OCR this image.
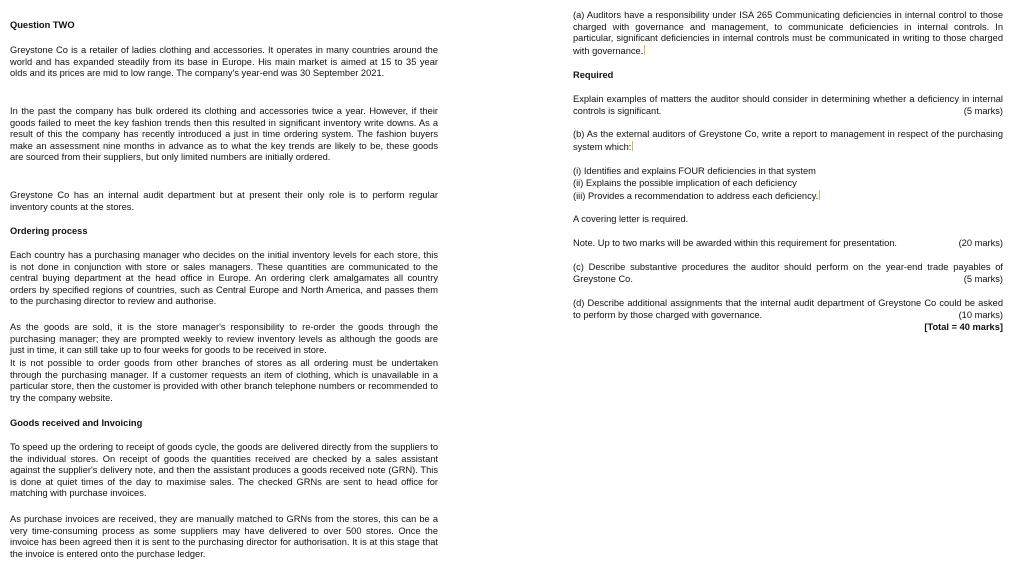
Question TWO

Greystone Co is a retailer of ladies clothing and accessories. It operates in many countries around the world and has expanded steadily from its base in Europe. His main market is aimed at 15 to 35 year olds and its prices are mid to low range. The company's year-end was 30 September 2021.

In the past the company has bulk ordered its clothing and accessories twice a year. However, if their goods failed to meet the key fashion trends then this resulted in significant inventory write downs. As a result of this the company has recently introduced a just in time ordering system. The fashion buyers make an assessment nine months in advance as to what the key trends are likely to be, these goods are sourced from their suppliers, but only limited numbers are initially ordered.

Greystone Co has an internal audit department but at present their only role is to perform regular inventory counts at the stores.

Ordering process

Each country has a purchasing manager who decides on the initial inventory levels for each store, this is not done in conjunction with store or sales managers. These quantities are communicated to the central buying department at the head office in Europe. An ordering clerk amalgamates all country orders by specified regions of countries, such as Central Europe and North America, and passes them to the purchasing director to review and authorise.

As the goods are sold, it is the store manager's responsibility to re-order the goods through the purchasing manager; they are prompted weekly to review inventory levels as although the goods are just in time, it can still take up to four weeks for goods to be received in store.

It is not possible to order goods from other branches of stores as all ordering must be undertaken through the purchasing manager. If a customer requests an item of clothing, which is unavailable in a particular store, then the customer is provided with other branch telephone numbers or recommended to try the company website.

Goods received and Invoicing

To speed up the ordering to receipt of goods cycle, the goods are delivered directly from the suppliers to the individual stores. On receipt of goods the quantities received are checked by a sales assistant against the supplier's delivery note, and then the assistant produces a goods received note (GRN). This is done at quiet times of the day to maximise sales. The checked GRNs are sent to head office for matching with purchase invoices.

As purchase invoices are received, they are manually matched to GRNs from the stores, this can be a very time-consuming process as some suppliers may have delivered to over 500 stores. Once the invoice has been agreed then it is sent to the purchasing director for authorisation. It is at this stage that the invoice is entered onto the purchase ledger.

(a) Auditors have a responsibility under ISA 265 Communicating deficiencies in internal control to those charged with governance and management, to communicate deficiencies in internal controls. In particular, significant deficiencies in internal controls must be communicated in writing to those charged with governance.

Required

Explain examples of matters the auditor should consider in determining whether a deficiency in internal controls is significant.	(5 marks)

(b) As the external auditors of Greystone Co, write a report to management in respect of the purchasing system which:

(i) Identifies and explains FOUR deficiencies in that system
(ii) Explains the possible implication of each deficiency
(iii) Provides a recommendation to address each deficiency.
A covering letter is required.
Note. Up to two marks will be awarded within this requirement for presentation.	(20 marks)

(c) Describe substantive procedures the auditor should perform on the year-end trade payables of Greystone Co.	(5 marks)

(d) Describe additional assignments that the internal audit department of Greystone Co could be asked to perform by those charged with governance.	(10 marks)

[Total = 40 marks]
